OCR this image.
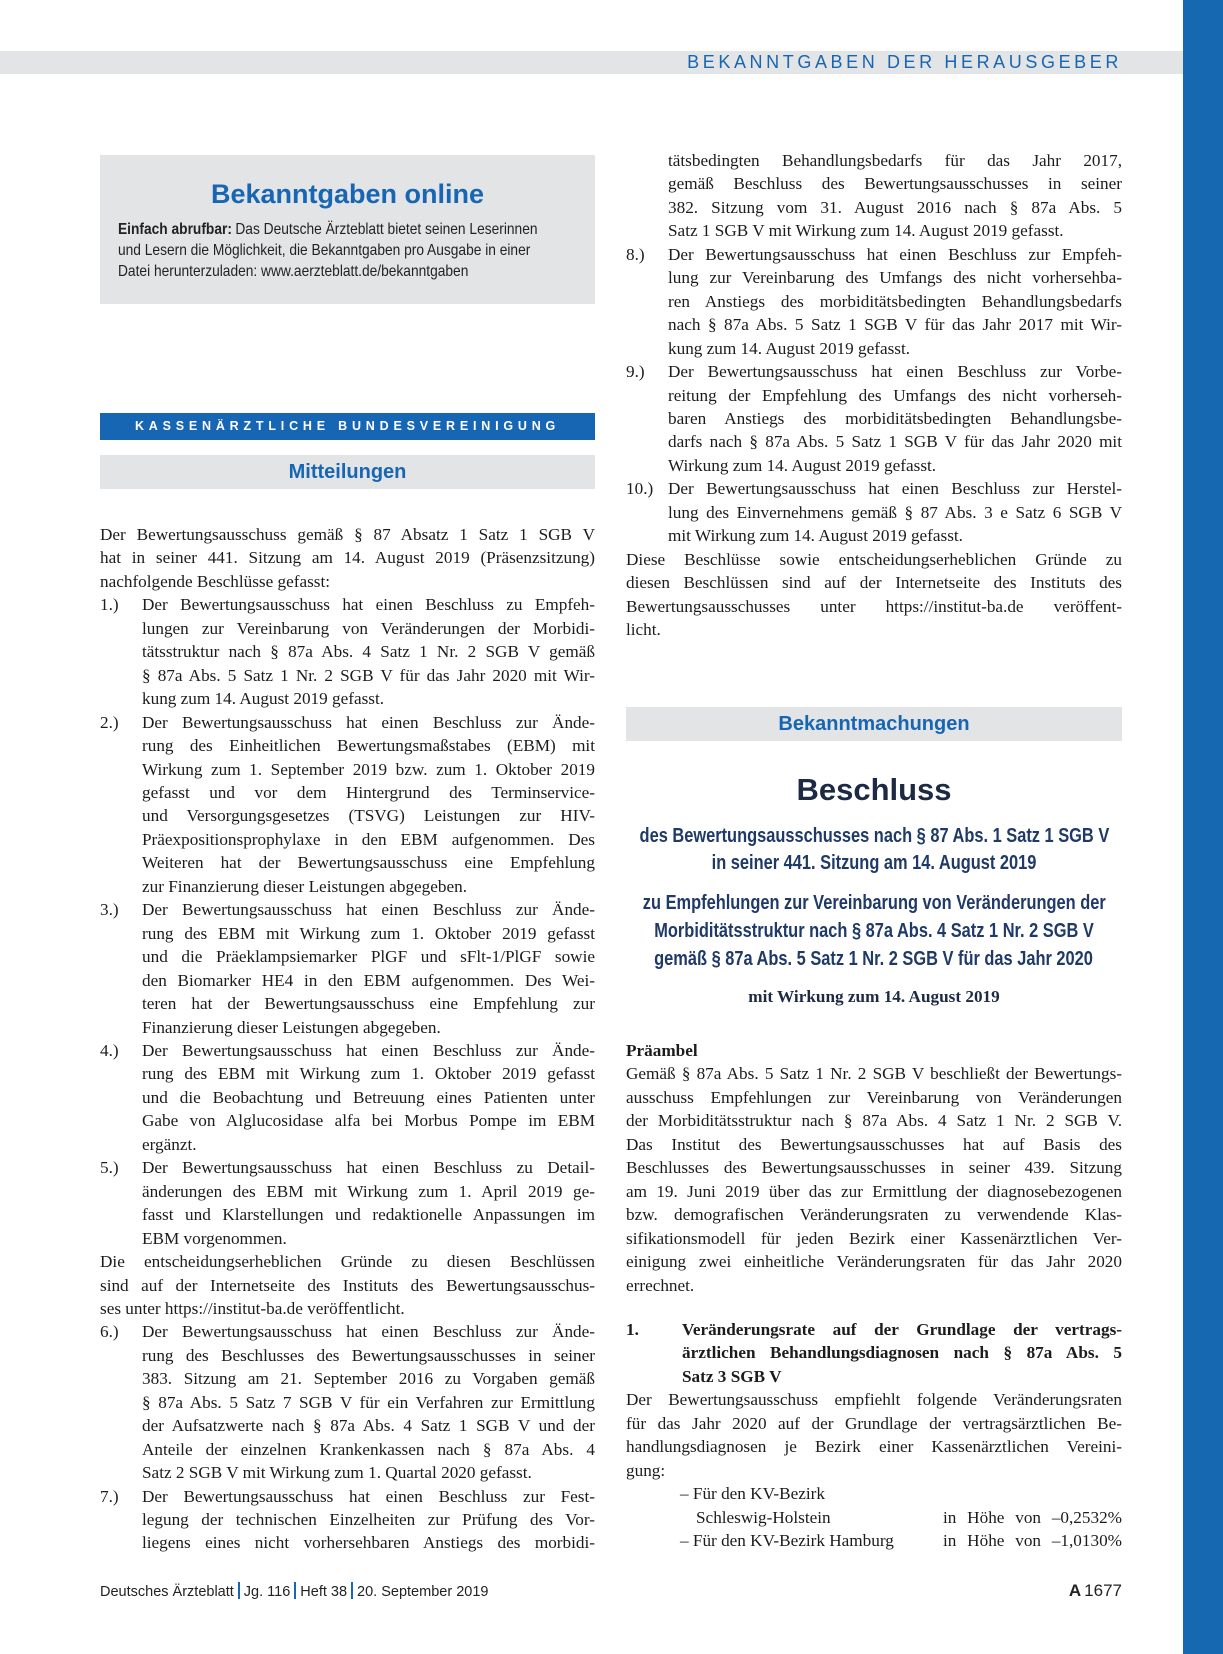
BEKANNTGABEN DER HERAUSGEBER
Bekanntgaben online
Einfach abrufbar: Das Deutsche Ärzteblatt bietet seinen Leserinnen
und Lesern die Möglichkeit, die Bekanntgaben pro Ausgabe in einer
Datei herunterzuladen: www.aerzteblatt.de/bekanntgaben
KASSENÄRZTLICHE BUNDESVEREINIGUNG
Mitteilungen
Der Bewertungsausschuss gemäß § 87 Absatz 1 Satz 1 SGB V
hat in seiner 441. Sitzung am 14. August 2019 (Präsenzsitzung)
nachfolgende Beschlüsse gefasst:
1.) Der Bewertungsausschuss hat einen Beschluss zu Empfeh-
lungen zur Vereinbarung von Veränderungen der Morbidi-
tätsstruktur nach § 87a Abs. 4 Satz 1 Nr. 2 SGB V gemäß
§ 87a Abs. 5 Satz 1 Nr. 2 SGB V für das Jahr 2020 mit Wir-
kung zum 14. August 2019 gefasst.
2.) Der Bewertungsausschuss hat einen Beschluss zur Ände-
rung des Einheitlichen Bewertungsmaßstabes (EBM) mit
Wirkung zum 1. September 2019 bzw. zum 1. Oktober 2019
gefasst und vor dem Hintergrund des Terminservice-
und Versorgungsgesetzes (TSVG) Leistungen zur HIV-
Präexpositionsprophylaxe in den EBM aufgenommen. Des
Weiteren hat der Bewertungsausschuss eine Empfehlung
zur Finanzierung dieser Leistungen abgegeben.
3.) Der Bewertungsausschuss hat einen Beschluss zur Ände-
rung des EBM mit Wirkung zum 1. Oktober 2019 gefasst
und die Präeklampsiemarker PlGF und sFlt-1/PlGF sowie
den Biomarker HE4 in den EBM aufgenommen. Des Wei-
teren hat der Bewertungsausschuss eine Empfehlung zur
Finanzierung dieser Leistungen abgegeben.
4.) Der Bewertungsausschuss hat einen Beschluss zur Ände-
rung des EBM mit Wirkung zum 1. Oktober 2019 gefasst
und die Beobachtung und Betreuung eines Patienten unter
Gabe von Alglucosidase alfa bei Morbus Pompe im EBM
ergänzt.
5.) Der Bewertungsausschuss hat einen Beschluss zu Detail-
änderungen des EBM mit Wirkung zum 1. April 2019 ge-
fasst und Klarstellungen und redaktionelle Anpassungen im
EBM vorgenommen.
Die entscheidungserheblichen Gründe zu diesen Beschlüssen
sind auf der Internetseite des Instituts des Bewertungsausschus-
ses unter https://institut-ba.de veröffentlicht.
6.) Der Bewertungsausschuss hat einen Beschluss zur Ände-
rung des Beschlusses des Bewertungsausschusses in seiner
383. Sitzung am 21. September 2016 zu Vorgaben gemäß
§ 87a Abs. 5 Satz 7 SGB V für ein Verfahren zur Ermittlung
der Aufsatzwerte nach § 87a Abs. 4 Satz 1 SGB V und der
Anteile der einzelnen Krankenkassen nach § 87a Abs. 4
Satz 2 SGB V mit Wirkung zum 1. Quartal 2020 gefasst.
7.) Der Bewertungsausschuss hat einen Beschluss zur Fest-
legung der technischen Einzelheiten zur Prüfung des Vor-
liegens eines nicht vorhersehbaren Anstiegs des morbidi-
tätsbedingten Behandlungsbedarfs für das Jahr 2017,
gemäß Beschluss des Bewertungsausschusses in seiner
382. Sitzung vom 31. August 2016 nach § 87a Abs. 5
Satz 1 SGB V mit Wirkung zum 14. August 2019 gefasst.
8.) Der Bewertungsausschuss hat einen Beschluss zur Empfeh-
lung zur Vereinbarung des Umfangs des nicht vorhersehba-
ren Anstiegs des morbiditätsbedingten Behandlungsbedarfs
nach § 87a Abs. 5 Satz 1 SGB V für das Jahr 2017 mit Wir-
kung zum 14. August 2019 gefasst.
9.) Der Bewertungsausschuss hat einen Beschluss zur Vorbe-
reitung der Empfehlung des Umfangs des nicht vorherseh-
baren Anstiegs des morbiditätsbedingten Behandlungsbe-
darfs nach § 87a Abs. 5 Satz 1 SGB V für das Jahr 2020 mit
Wirkung zum 14. August 2019 gefasst.
10.) Der Bewertungsausschuss hat einen Beschluss zur Herstel-
lung des Einvernehmens gemäß § 87 Abs. 3 e Satz 6 SGB V
mit Wirkung zum 14. August 2019 gefasst.
Diese Beschlüsse sowie entscheidungserheblichen Gründe zu
diesen Beschlüssen sind auf der Internetseite des Instituts des
Bewertungsausschusses unter https://institut-ba.de veröffent-
licht.
Bekanntmachungen
Beschluss
des Bewertungsausschusses nach § 87 Abs. 1 Satz 1 SGB V
in seiner 441. Sitzung am 14. August 2019
zu Empfehlungen zur Vereinbarung von Veränderungen der
Morbiditätsstruktur nach § 87a Abs. 4 Satz 1 Nr. 2 SGB V
gemäß § 87a Abs. 5 Satz 1 Nr. 2 SGB V für das Jahr 2020
mit Wirkung zum 14. August 2019
Präambel
Gemäß § 87a Abs. 5 Satz 1 Nr. 2 SGB V beschließt der Bewertungs-
ausschuss Empfehlungen zur Vereinbarung von Veränderungen
der Morbiditätsstruktur nach § 87a Abs. 4 Satz 1 Nr. 2 SGB V.
Das Institut des Bewertungsausschusses hat auf Basis des
Beschlusses des Bewertungsausschusses in seiner 439. Sitzung
am 19. Juni 2019 über das zur Ermittlung der diagnosebezogenen
bzw. demografischen Veränderungsraten zu verwendende Klas-
sifikationsmodell für jeden Bezirk einer Kassenärztlichen Ver-
einigung zwei einheitliche Veränderungsraten für das Jahr 2020
errechnet.
1.	Veränderungsrate auf der Grundlage der vertrags-
ärztlichen Behandlungsdiagnosen nach § 87a Abs. 5
Satz 3 SGB V
Der Bewertungsausschuss empfiehlt folgende Veränderungsraten
für das Jahr 2020 auf der Grundlage der vertragsärztlichen Be-
handlungsdiagnosen je Bezirk einer Kassenärztlichen Vereini-
gung:
– Für den KV-Bezirk
Schleswig-Holstein	in Höhe von –0,2532%
– Für den KV-Bezirk Hamburg	in Höhe von –1,0130%
Deutsches Ärzteblatt Jg. 116 Heft 38 20. September 2019	A 1677
